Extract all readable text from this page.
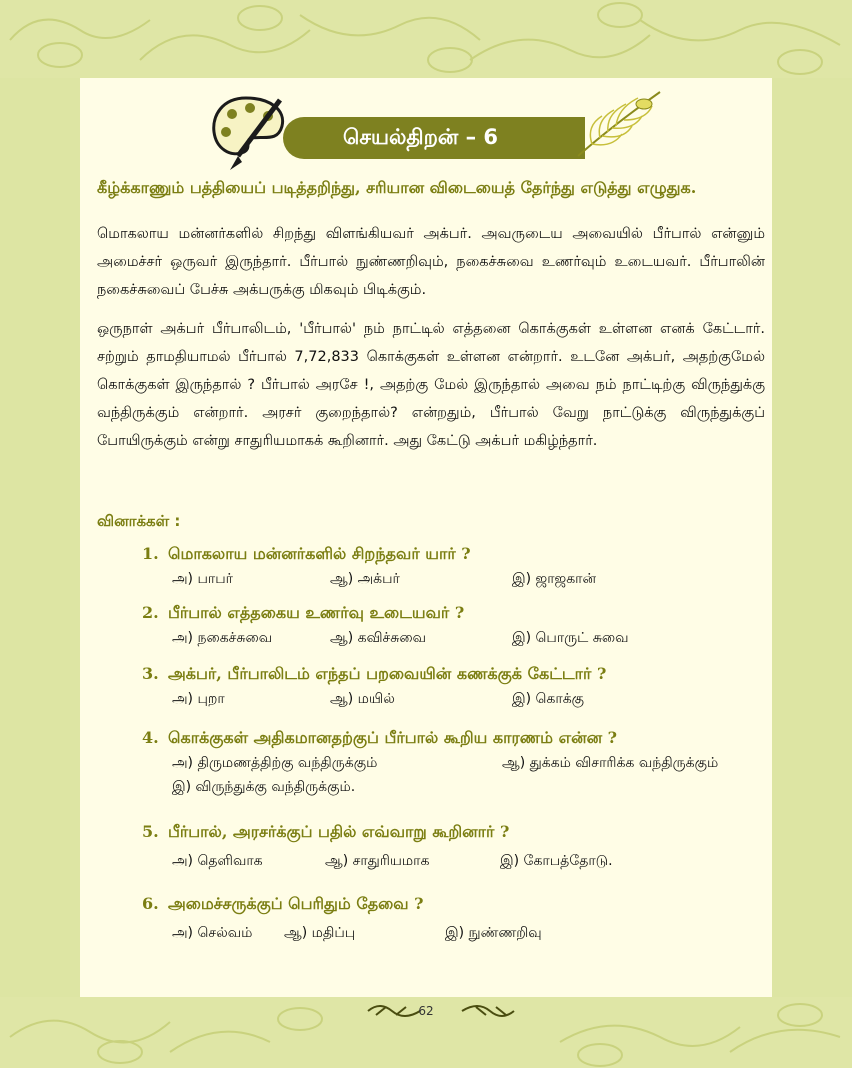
செயல்திறன் – 6
கீழ்க்காணும் பத்தியைப் படித்தறிந்து, சரியான விடையைத் தேர்ந்து எடுத்து எழுதுக.
மொகலாய மன்னர்களில் சிறந்து விளங்கியவர் அக்பர். அவருடைய அவையில் பீர்பால் என்னும் அமைச்சர் ஒருவர் இருந்தார். பீர்பால் நுண்ணறிவும், நகைச்சுவை உணர்வும் உடையவர். பீர்பாலின் நகைச்சுவைப் பேச்சு அக்பருக்கு மிகவும் பிடிக்கும்.
ஒருநாள் அக்பர் பீர்பாலிடம், 'பீர்பால்' நம் நாட்டில் எத்தனை கொக்குகள் உள்ளன எனக் கேட்டார். சற்றும் தாமதியாமல் பீர்பால் 7,72,833 கொக்குகள் உள்ளன என்றார். உடனே அக்பர், அதற்குமேல் கொக்குகள் இருந்தால் ? பீர்பால் அரசே !, அதற்கு மேல் இருந்தால் அவை நம் நாட்டிற்கு விருந்துக்கு வந்திருக்கும் என்றார். அரசர் குறைந்தால்? என்றதும், பீர்பால் வேறு நாட்டுக்கு விருந்துக்குப் போயிருக்கும் என்று சாதுரியமாகக் கூறினார். அது கேட்டு அக்பர் மகிழ்ந்தார்.
வினாக்கள் :
1. மொகலாய மன்னர்களில் சிறந்தவர் யார் ?
அ) பாபர்	ஆ) அக்பர்	இ) ஜாஜகான்
2. பீர்பால் எத்தகைய உணர்வு உடையவர் ?
அ) நகைச்சுவை	ஆ) கவிச்சுவை	இ) பொருட் சுவை
3. அக்பர், பீர்பாலிடம் எந்தப் பறவையின் கணக்குக் கேட்டார் ?
அ) புறா	ஆ) மயில்	இ) கொக்கு
4. கொக்குகள் அதிகமானதற்குப் பீர்பால் கூறிய காரணம் என்ன ?
அ) திருமணத்திற்கு வந்திருக்கும்	ஆ) துக்கம் விசாரிக்க வந்திருக்கும்
இ) விருந்துக்கு வந்திருக்கும்.
5. பீர்பால், அரசர்க்குப் பதில் எவ்வாறு கூறினார் ?
அ) தெளிவாக	ஆ) சாதுரியமாக	இ) கோபத்தோடு.
6. அமைச்சருக்குப் பெரிதும் தேவை ?
அ) செல்வம் ஆ) மதிப்பு	இ) நுண்ணறிவு
62
